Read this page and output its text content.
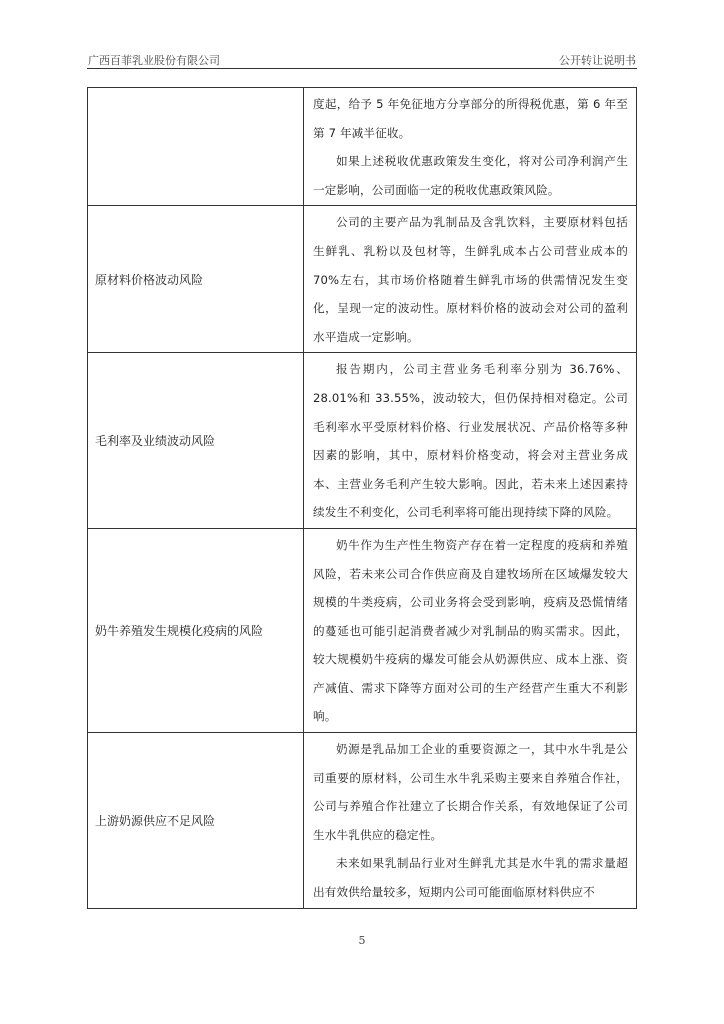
广西百菲乳业股份有限公司	公开转让说明书

	度起，给予 5 年免征地方分享部分的所得税优惠，第 6 年至第 7 年减半征收。

如果上述税收优惠政策发生变化，将对公司净利润产生一定影响，公司面临一定的税收优惠政策风险。

原材料价格波动风险	公司的主要产品为乳制品及含乳饮料，主要原材料包括生鲜乳、乳粉以及包材等，生鲜乳成本占公司营业成本的 70%左右，其市场价格随着生鲜乳市场的供需情况发生变化，呈现一定的波动性。原材料价格的波动会对公司的盈利水平造成一定影响。

毛利率及业绩波动风险	报告期内，公司主营业务毛利率分别为 36.76%、28.01%和 33.55%，波动较大，但仍保持相对稳定。公司毛利率水平受原材料价格、行业发展状况、产品价格等多种因素的影响，其中，原材料价格变动，将会对主营业务成本、主营业务毛利产生较大影响。因此，若未来上述因素持续发生不利变化，公司毛利率将可能出现持续下降的风险。

奶牛养殖发生规模化疫病的风险	奶牛作为生产性生物资产存在着一定程度的疫病和养殖风险，若未来公司合作供应商及自建牧场所在区域爆发较大规模的牛类疫病，公司业务将会受到影响，疫病及恐慌情绪的蔓延也可能引起消费者减少对乳制品的购买需求。因此，较大规模奶牛疫病的爆发可能会从奶源供应、成本上涨、资产减值、需求下降等方面对公司的生产经营产生重大不利影响。

上游奶源供应不足风险	奶源是乳品加工企业的重要资源之一，其中水牛乳是公司重要的原材料，公司生水牛乳采购主要来自养殖合作社，公司与养殖合作社建立了长期合作关系，有效地保证了公司生水牛乳供应的稳定性。

未来如果乳制品行业对生鲜乳尤其是水牛乳的需求量超出有效供给量较多，短期内公司可能面临原材料供应不

5
